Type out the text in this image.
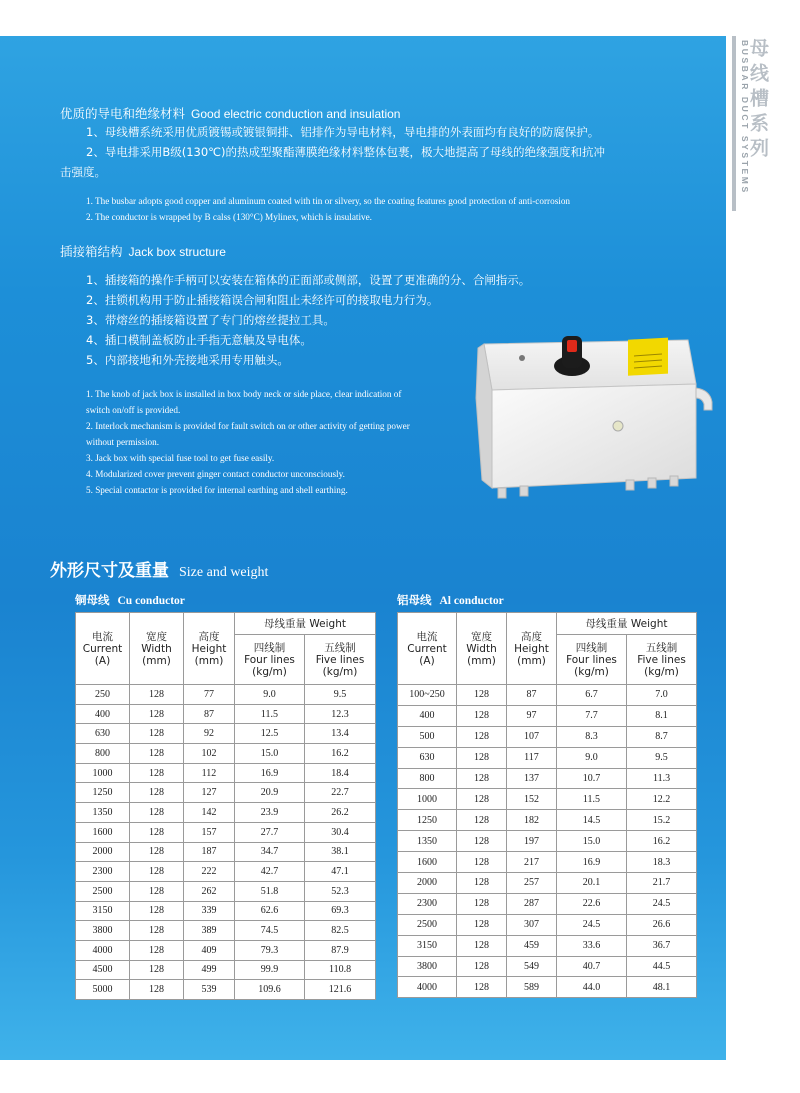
BUSBAR DUCT SYSTEMS
母线槽系列
优质的导电和绝缘材料 Good electric conduction and insulation
1、母线槽系统采用优质镀锡或镀银铜排、铝排作为导电材料，导电排的外表面均有良好的防腐保护。
2、导电排采用B级(130℃)的热成型聚酯薄膜绝缘材料整体包裹，极大地提高了母线的绝缘强度和抗冲
击强度。
1. The busbar adopts good copper and aluminum coated with tin or silvery, so the coating features good protection of anti-corrosion
2. The conductor is wrapped by B calss (130°C) Mylinex, which is insulative.
插接箱结构 Jack box structure
1、插接箱的操作手柄可以安装在箱体的正面部或侧部，设置了更准确的分、合闸指示。
2、挂锁机构用于防止插接箱误合闸和阻止未经许可的接取电力行为。
3、带熔丝的插接箱设置了专门的熔丝提拉工具。
4、插口模制盖板防止手指无意触及导电体。
5、内部接地和外壳接地采用专用触头。
1. The knob of jack box is installed in box body neck or side place, clear indication of
switch on/off is provided.
2. Interlock mechanism is provided for fault switch on or other activity of getting power
without permission.
3. Jack box with special fuse tool to get fuse easily.
4. Modularized cover prevent ginger contact conductor unconsciously.
5. Special contactor is provided for internal earthing and shell earthing.
外形尺寸及重量 Size and weight
铜母线 Cu conductor	铝母线 Al conductor
电流
Current
(A)	宽度
Width
(mm)	高度
Height
(mm)	母线重量 Weight	

			四线制
Four lines
(kg/m)	五线制
Five lines
(kg/m)

250	128	77	9.0	9.5
400	128	87	11.5	12.3
630	128	92	12.5	13.4
800	128	102	15.0	16.2
1000	128	112	16.9	18.4
1250	128	127	20.9	22.7
1350	128	142	23.9	26.2
1600	128	157	27.7	30.4
2000	128	187	34.7	38.1
2300	128	222	42.7	47.1
2500	128	262	51.8	52.3
3150	128	339	62.6	69.3
3800	128	389	74.5	82.5
4000	128	409	79.3	87.9
4500	128	499	99.9	110.8
5000	128	539	109.6	121.6
电流
Current
(A)	宽度
Width
(mm)	高度
Height
(mm)	母线重量 Weight	

			四线制
Four lines
(kg/m)	五线制
Five lines
(kg/m)

100~250	128	87	6.7	7.0
400	128	97	7.7	8.1
500	128	107	8.3	8.7
630	128	117	9.0	9.5
800	128	137	10.7	11.3
1000	128	152	11.5	12.2
1250	128	182	14.5	15.2
1350	128	197	15.0	16.2
1600	128	217	16.9	18.3
2000	128	257	20.1	21.7
2300	128	287	22.6	24.5
2500	128	307	24.5	26.6
3150	128	459	33.6	36.7
3800	128	549	40.7	44.5
4000	128	589	44.0	48.1
